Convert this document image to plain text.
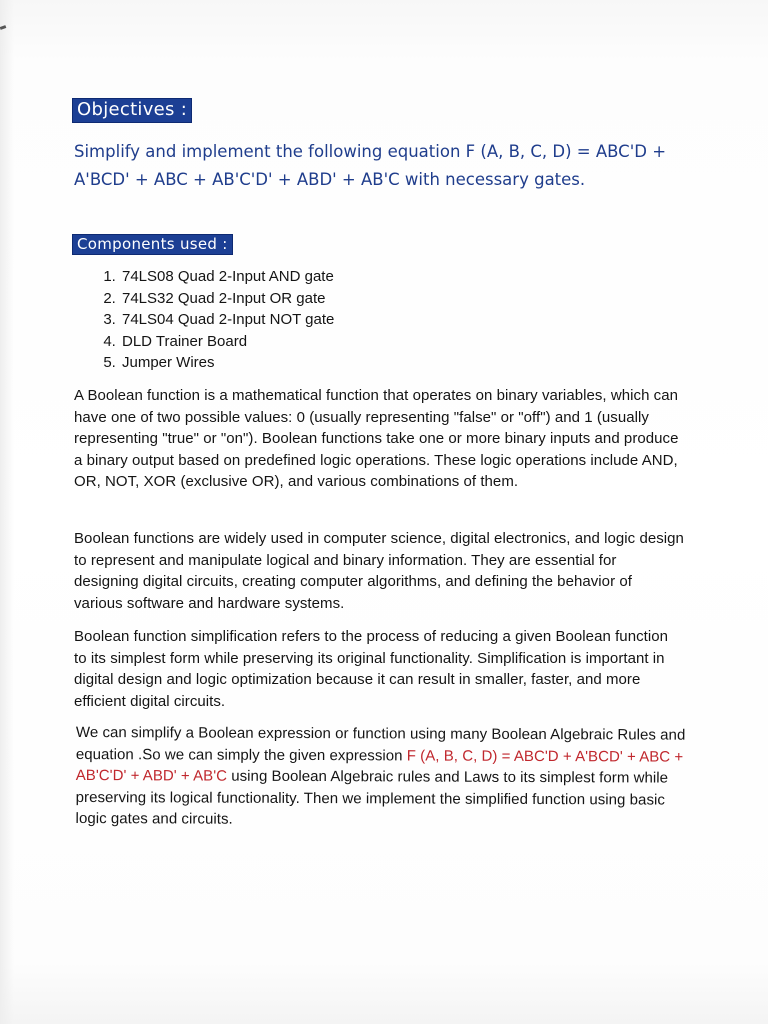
Objectives :
Simplify and implement the following equation F (A, B, C, D) = ABC'D + A'BCD' + ABC + AB'C'D' + ABD' + AB'C with necessary gates.
Components used :
1. 74LS08 Quad 2-Input AND gate
2. 74LS32 Quad 2-Input OR gate
3. 74LS04 Quad 2-Input NOT gate
4. DLD Trainer Board
5. Jumper Wires

A Boolean function is a mathematical function that operates on binary variables, which can have one of two possible values: 0 (usually representing "false" or "off") and 1 (usually representing "true" or "on"). Boolean functions take one or more binary inputs and produce a binary output based on predefined logic operations. These logic operations include AND, OR, NOT, XOR (exclusive OR), and various combinations of them.

Boolean functions are widely used in computer science, digital electronics, and logic design to represent and manipulate logical and binary information. They are essential for designing digital circuits, creating computer algorithms, and defining the behavior of various software and hardware systems.

Boolean function simplification refers to the process of reducing a given Boolean function to its simplest form while preserving its original functionality. Simplification is important in digital design and logic optimization because it can result in smaller, faster, and more efficient digital circuits.

We can simplify a Boolean expression or function using many Boolean Algebraic Rules and equation .So we can simply the given expression F (A, B, C, D) = ABC'D + A'BCD' + ABC + AB'C'D' + ABD' + AB'C using Boolean Algebraic rules and Laws to its simplest form while preserving its logical functionality. Then we implement the simplified function using basic logic gates and circuits.
